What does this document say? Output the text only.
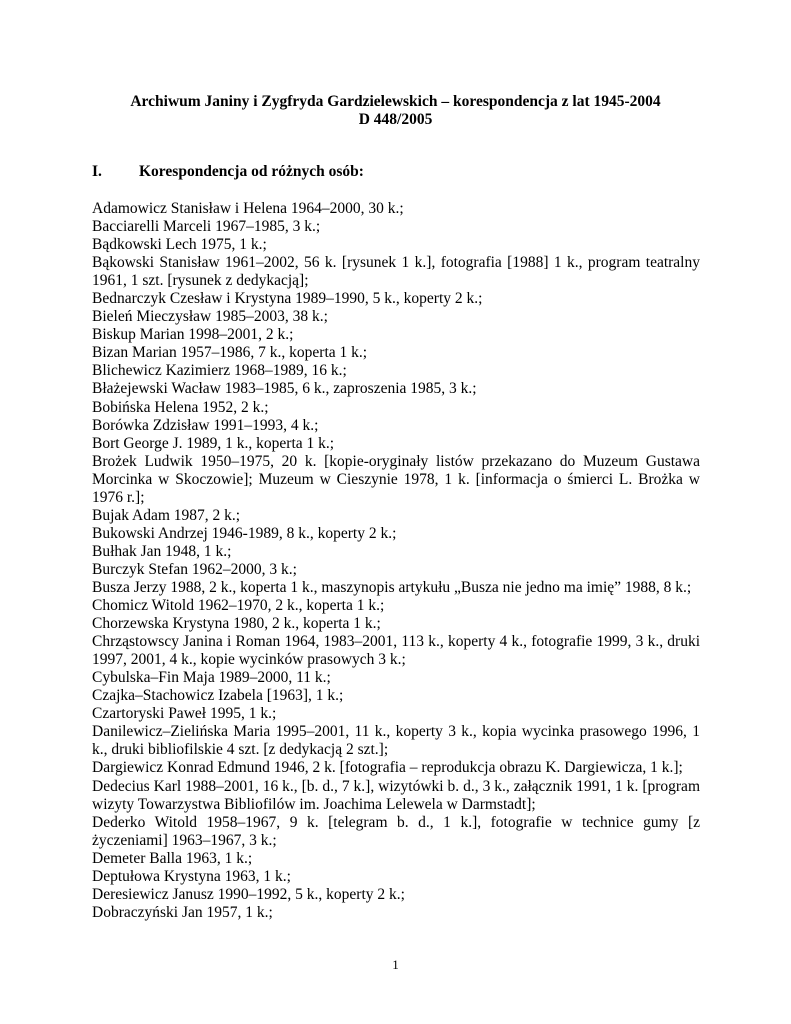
Archiwum Janiny i Zygfryda Gardzielewskich – korespondencja z lat 1945-2004
D 448/2005
I. Korespondencja od różnych osób:
Adamowicz Stanisław i Helena 1964–2000, 30 k.;
Bacciarelli Marceli 1967–1985, 3 k.;
Bądkowski Lech 1975, 1 k.;
Bąkowski Stanisław 1961–2002, 56 k. [rysunek 1 k.], fotografia [1988] 1 k., program teatralny 1961, 1 szt. [rysunek z dedykacją];
Bednarczyk Czesław i Krystyna 1989–1990, 5 k., koperty 2 k.;
Bieleń Mieczysław 1985–2003, 38 k.;
Biskup Marian 1998–2001, 2 k.;
Bizan Marian 1957–1986, 7 k., koperta 1 k.;
Blichewicz Kazimierz 1968–1989, 16 k.;
Błażejewski Wacław 1983–1985, 6 k., zaproszenia 1985, 3 k.;
Bobińska Helena 1952, 2 k.;
Borówka Zdzisław 1991–1993, 4 k.;
Bort George J. 1989, 1 k., koperta 1 k.;
Brożek Ludwik 1950–1975, 20 k. [kopie-oryginały listów przekazano do Muzeum Gustawa Morcinka w Skoczowie]; Muzeum w Cieszynie 1978, 1 k. [informacja o śmierci L. Brożka w 1976 r.];
Bujak Adam 1987, 2 k.;
Bukowski Andrzej 1946-1989, 8 k., koperty 2 k.;
Bułhak Jan 1948, 1 k.;
Burczyk Stefan 1962–2000, 3 k.;
Busza Jerzy 1988, 2 k., koperta 1 k., maszynopis artykułu „Busza nie jedno ma imię” 1988, 8 k.;
Chomicz Witold 1962–1970, 2 k., koperta 1 k.;
Chorzewska Krystyna 1980, 2 k., koperta 1 k.;
Chrząstowscy Janina i Roman 1964, 1983–2001, 113 k., koperty 4 k., fotografie 1999, 3 k., druki 1997, 2001, 4 k., kopie wycinków prasowych 3 k.;
Cybulska–Fin Maja 1989–2000, 11 k.;
Czajka–Stachowicz Izabela [1963], 1 k.;
Czartoryski Paweł 1995, 1 k.;
Danilewicz–Zielińska Maria 1995–2001, 11 k., koperty 3 k., kopia wycinka prasowego 1996, 1 k., druki bibliofilskie 4 szt. [z dedykacją 2 szt.];
Dargiewicz Konrad Edmund 1946, 2 k. [fotografia – reprodukcja obrazu K. Dargiewicza, 1 k.];
Dedecius Karl 1988–2001, 16 k., [b. d., 7 k.], wizytówki b. d., 3 k., załącznik 1991, 1 k. [program wizyty Towarzystwa Bibliofilów im. Joachima Lelewela w Darmstadt];
Dederko Witold 1958–1967, 9 k. [telegram b. d., 1 k.], fotografie w technice gumy [z życzeniami] 1963–1967, 3 k.;
Demeter Balla 1963, 1 k.;
Deptułowa Krystyna 1963, 1 k.;
Deresiewicz Janusz 1990–1992, 5 k., koperty 2 k.;
Dobraczyński Jan 1957, 1 k.;
1
